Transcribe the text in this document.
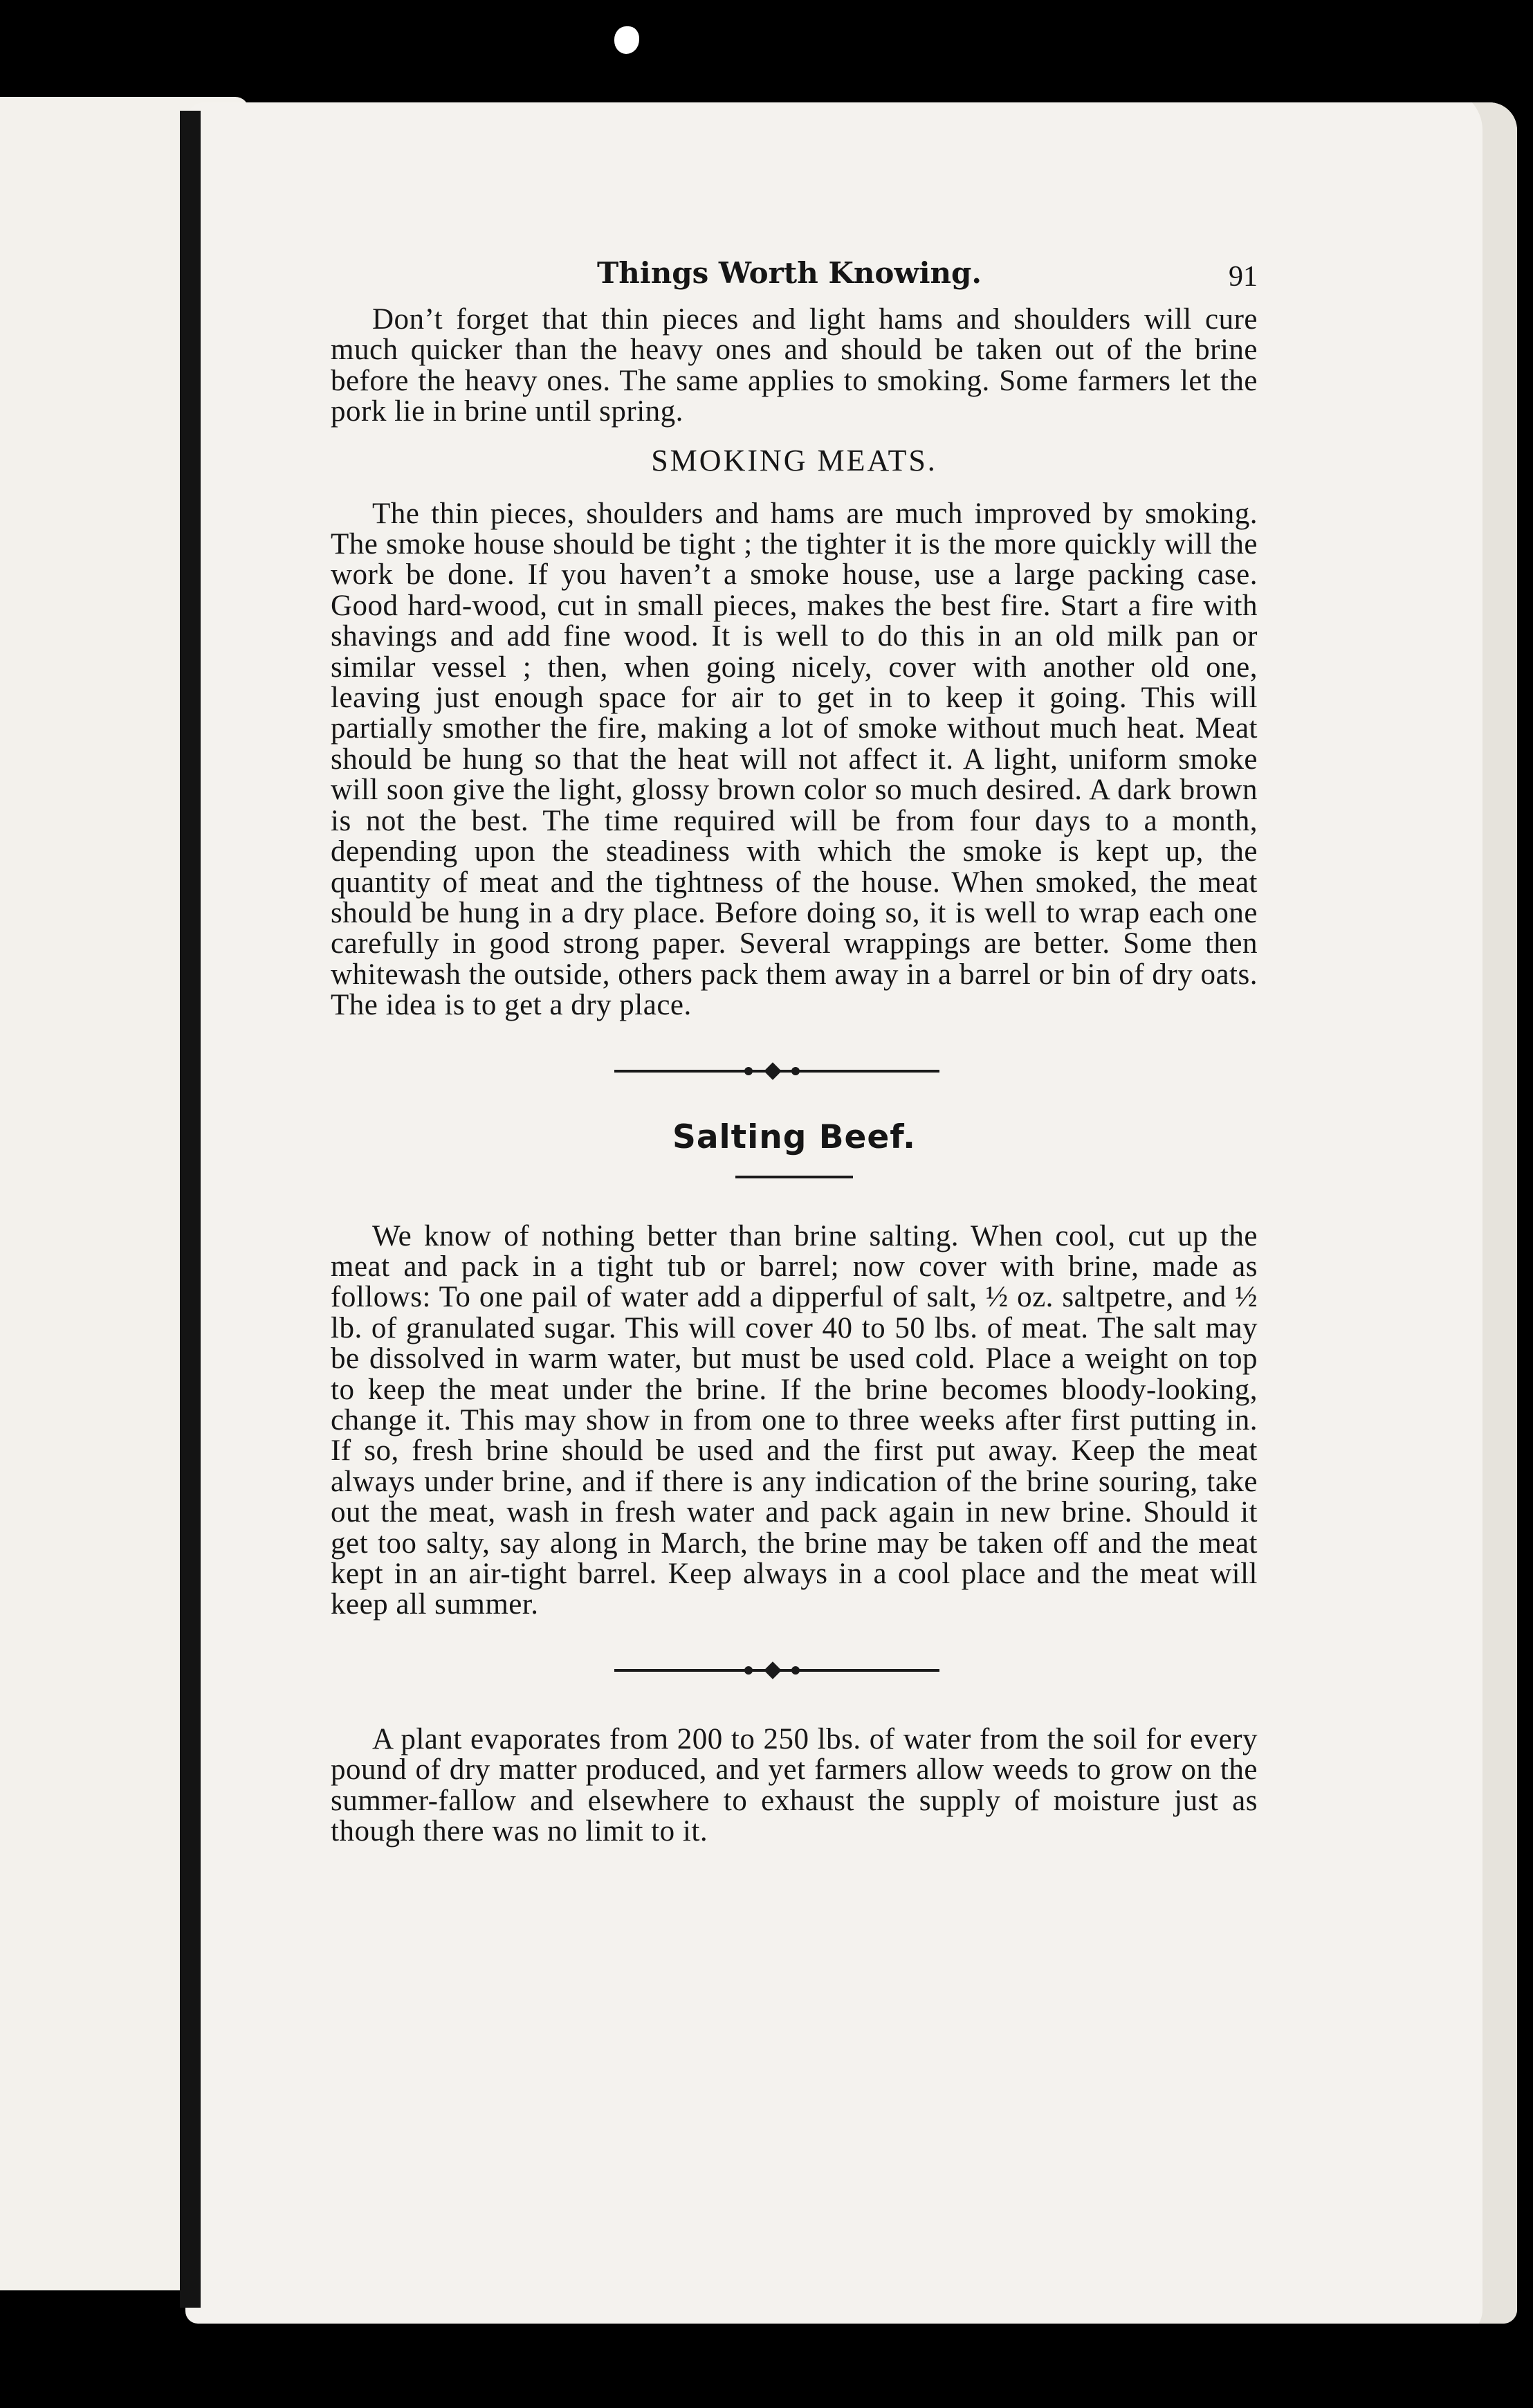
Things Worth Knowing.	91

Don’t forget that thin pieces and light hams and shoulders will cure much quicker than the heavy ones and should be taken out of the brine before the heavy ones. The same applies to smoking. Some farmers let the pork lie in brine until spring.

SMOKING MEATS.

The thin pieces, shoulders and hams are much improved by smoking. The smoke house should be tight ; the tighter it is the more quickly will the work be done. If you haven’t a smoke house, use a large packing case. Good hard-wood, cut in small pieces, makes the best fire. Start a fire with shavings and add fine wood. It is well to do this in an old milk pan or similar vessel ; then, when going nicely, cover with another old one, leaving just enough space for air to get in to keep it going. This will partially smother the fire, making a lot of smoke without much heat. Meat should be hung so that the heat will not affect it. A light, uniform smoke will soon give the light, glossy brown color so much desired. A dark brown is not the best. The time required will be from four days to a month, depending upon the steadiness with which the smoke is kept up, the quantity of meat and the tightness of the house. When smoked, the meat should be hung in a dry place. Before doing so, it is well to wrap each one carefully in good strong paper. Several wrappings are better. Some then whitewash the outside, others pack them away in a barrel or bin of dry oats. The idea is to get a dry place.

Salting Beef.

We know of nothing better than brine salting. When cool, cut up the meat and pack in a tight tub or barrel; now cover with brine, made as follows: To one pail of water add a dipperful of salt, ½ oz. saltpetre, and ½ lb. of granulated sugar. This will cover 40 to 50 lbs. of meat. The salt may be dissolved in warm water, but must be used cold. Place a weight on top to keep the meat under the brine. If the brine becomes bloody-looking, change it. This may show in from one to three weeks after first putting in. If so, fresh brine should be used and the first put away. Keep the meat always under brine, and if there is any indication of the brine souring, take out the meat, wash in fresh water and pack again in new brine. Should it get too salty, say along in March, the brine may be taken off and the meat kept in an air-tight barrel. Keep always in a cool place and the meat will keep all summer.

A plant evaporates from 200 to 250 lbs. of water from the soil for every pound of dry matter produced, and yet farmers allow weeds to grow on the summer-fallow and elsewhere to exhaust the supply of moisture just as though there was no limit to it.
